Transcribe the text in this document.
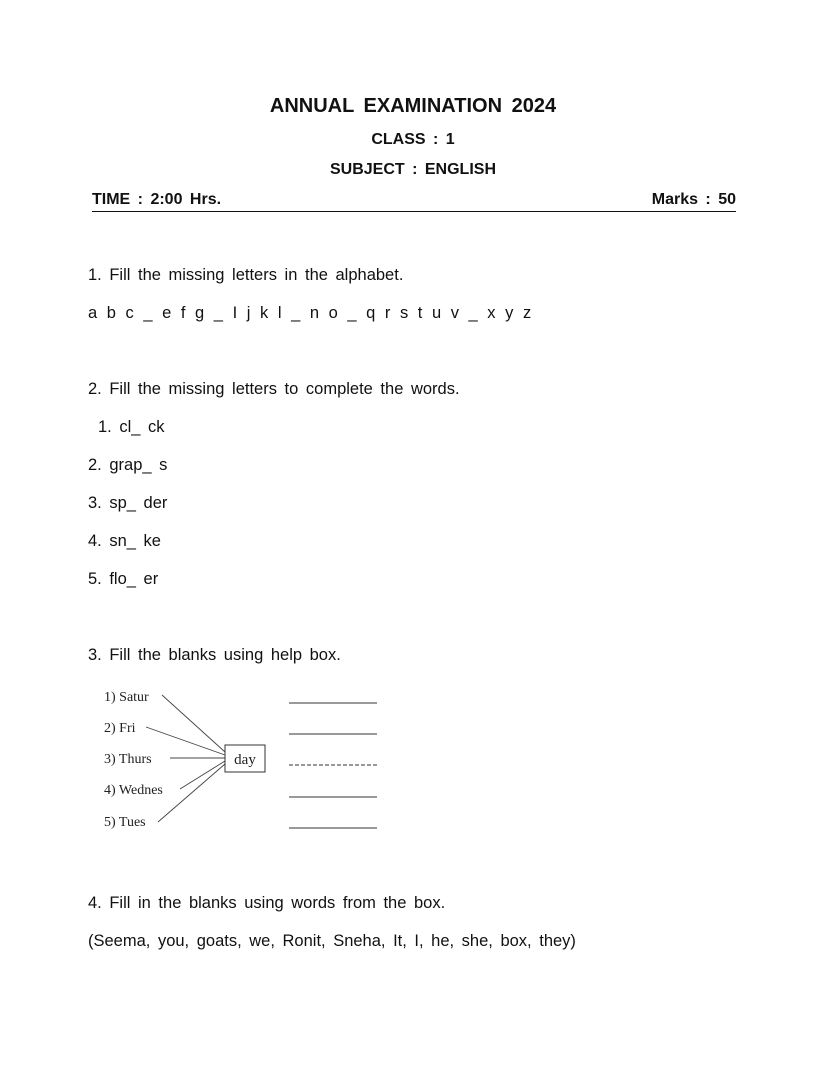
ANNUAL EXAMINATION 2024
CLASS : 1
SUBJECT : ENGLISH
TIME : 2:00 Hrs.	Marks : 50
1. Fill the missing letters in the alphabet.
a b c _ e f g _ I j k l _ n o _ q r s t u v _ x y z
2. Fill the missing letters to complete the words.
1. cl_ ck
2. grap_ s
3. sp_ der
4. sn_ ke
5. flo_ er
3. Fill the blanks using help box.
1) Satur
2) Fri
3) Thurs
4) Wednes
5) Tues
day
4. Fill in the blanks using words from the box.
(Seema, you, goats, we, Ronit, Sneha, It, I, he, she, box, they)
